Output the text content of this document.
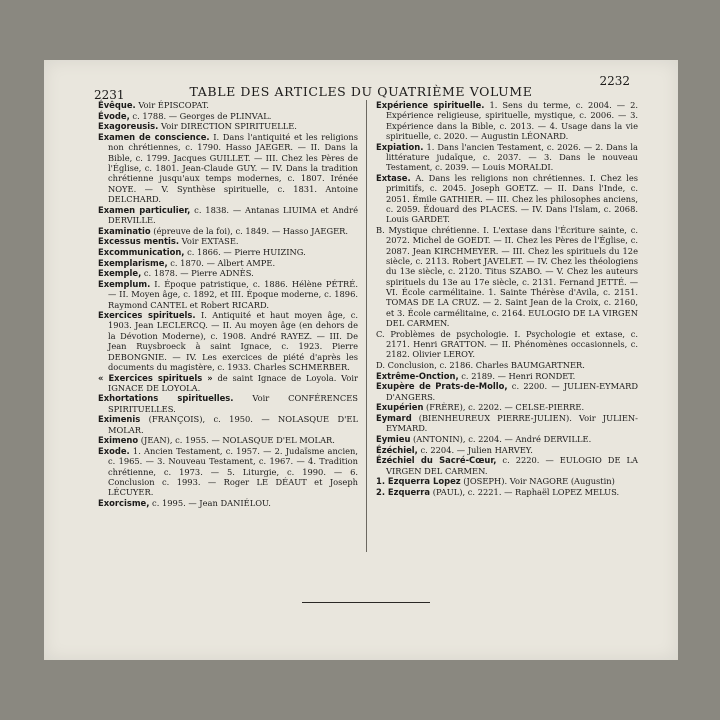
2231	TABLE DES ARTICLES DU QUATRIÈME VOLUME
2232

Évêque. Voir ÉPISCOPAT.

Évode, c. 1788. — Georges de PLINVAL.

Exagoreusis. Voir DIRECTION SPIRITUELLE.

Examen de conscience. I. Dans l'antiquité et les religions non chrétiennes, c. 1790. Hasso JAEGER. — II. Dans la Bible, c. 1799. Jacques GUILLET. — III. Chez les Pères de l'Église, c. 1801. Jean-Claude GUY. — IV. Dans la tradition chrétienne jusqu'aux temps modernes, c. 1807. Irénée NOYE. — V. Synthèse spirituelle, c. 1831. Antoine DELCHARD.

Examen particulier, c. 1838. — Antanas LIUIMA et André DERVILLE.

Examinatio (épreuve de la foi), c. 1849. — Hasso JAEGER.

Excessus mentis. Voir EXTASE.

Excommunication, c. 1866. — Pierre HUIZING.

Exemplarisme, c. 1870. — Albert AMPE.

Exemple, c. 1878. — Pierre ADNÈS.

Exemplum. I. Époque patristique, c. 1886. Hélène PÉTRÉ. — II. Moyen âge, c. 1892, et III. Époque moderne, c. 1896. Raymond CANTEL et Robert RICARD.

Exercices spirituels. I. Antiquité et haut moyen âge, c. 1903. Jean LECLERCQ. — II. Au moyen âge (en dehors de la Dévotion Moderne), c. 1908. André RAYEZ. — III. De Jean Ruysbroeck à saint Ignace, c. 1923. Pierre DEBONGNIE. — IV. Les exercices de piété d'après les documents du magistère, c. 1933. Charles SCHMERBER.

« Exercices spirituels » de saint Ignace de Loyola. Voir IGNACE DE LOYOLA.

Exhortations spirituelles. Voir CONFÉRENCES SPIRITUELLES.

Eximenis (FRANÇOIS), c. 1950. — NOLASQUE D'EL MOLAR.

Eximeno (JEAN), c. 1955. — NOLASQUE D'EL MOLAR.

Exode. 1. Ancien Testament, c. 1957. — 2. Judaïsme ancien, c. 1965. — 3. Nouveau Testament, c. 1967. — 4. Tradition chrétienne, c. 1973. — 5. Liturgie, c. 1990. — 6. Conclusion c. 1993. — Roger LE DÉAUT et Joseph LÉCUYER.

Exorcisme, c. 1995. — Jean DANIÉLOU.

Expérience spirituelle. 1. Sens du terme, c. 2004. — 2. Expérience religieuse, spirituelle, mystique, c. 2006. — 3. Expérience dans la Bible, c. 2013. — 4. Usage dans la vie spirituelle, c. 2020. — Augustin LÉONARD.

Expiation. 1. Dans l'ancien Testament, c. 2026. — 2. Dans la littérature judaïque, c. 2037. — 3. Dans le nouveau Testament, c. 2039. — Louis MORALDI.

Extase. A. Dans les religions non chrétiennes. I. Chez les primitifs, c. 2045. Joseph GOETZ. — II. Dans l'Inde, c. 2051. Émile GATHIER. — III. Chez les philosophes anciens, c. 2059. Édouard des PLACES. — IV. Dans l'Islam, c. 2068. Louis GARDET.

B. Mystique chrétienne. I. L'extase dans l'Écriture sainte, c. 2072. Michel de GOEDT. — II. Chez les Pères de l'Église, c. 2087. Jean KIRCHMEYER. — III. Chez les spirituels du 12e siècle, c. 2113. Robert JAVELET. — IV. Chez les théologiens du 13e siècle, c. 2120. Titus SZABO. — V. Chez les auteurs spirituels du 13e au 17e siècle, c. 2131. Fernand JETTÉ. — VI. École carmélitaine. 1. Sainte Thérèse d'Avila, c. 2151. TOMAS DE LA CRUZ. — 2. Saint Jean de la Croix, c. 2160, et 3. École carmélitaine, c. 2164. EULOGIO DE LA VIRGEN DEL CARMEN.

C. Problèmes de psychologie. I. Psychologie et extase, c. 2171. Henri GRATTON. — II. Phénomènes occasionnels, c. 2182. Olivier LEROY.

D. Conclusion, c. 2186. Charles BAUMGARTNER.

Extrême-Onction, c. 2189. — Henri RONDET.

Exupère de Prats-de-Mollo, c. 2200. — JULIEN-EYMARD D'ANGERS.

Exupérien (FRÈRE), c. 2202. — CELSE-PIERRE.

Eymard (BIENHEUREUX PIERRE-JULIEN). Voir JULIEN-EYMARD.

Eymieu (ANTONIN), c. 2204. — André DERVILLE.

Ézéchiel, c. 2204. — Julien HARVEY.

Ézéchiel du Sacré-Cœur, c. 2220. — EULOGIO DE LA VIRGEN DEL CARMEN.

1. Ezquerra Lopez (JOSEPH). Voir NAGORE (Augustin)

2. Ezquerra (PAUL), c. 2221. — Raphaël LOPEZ MELUS.
